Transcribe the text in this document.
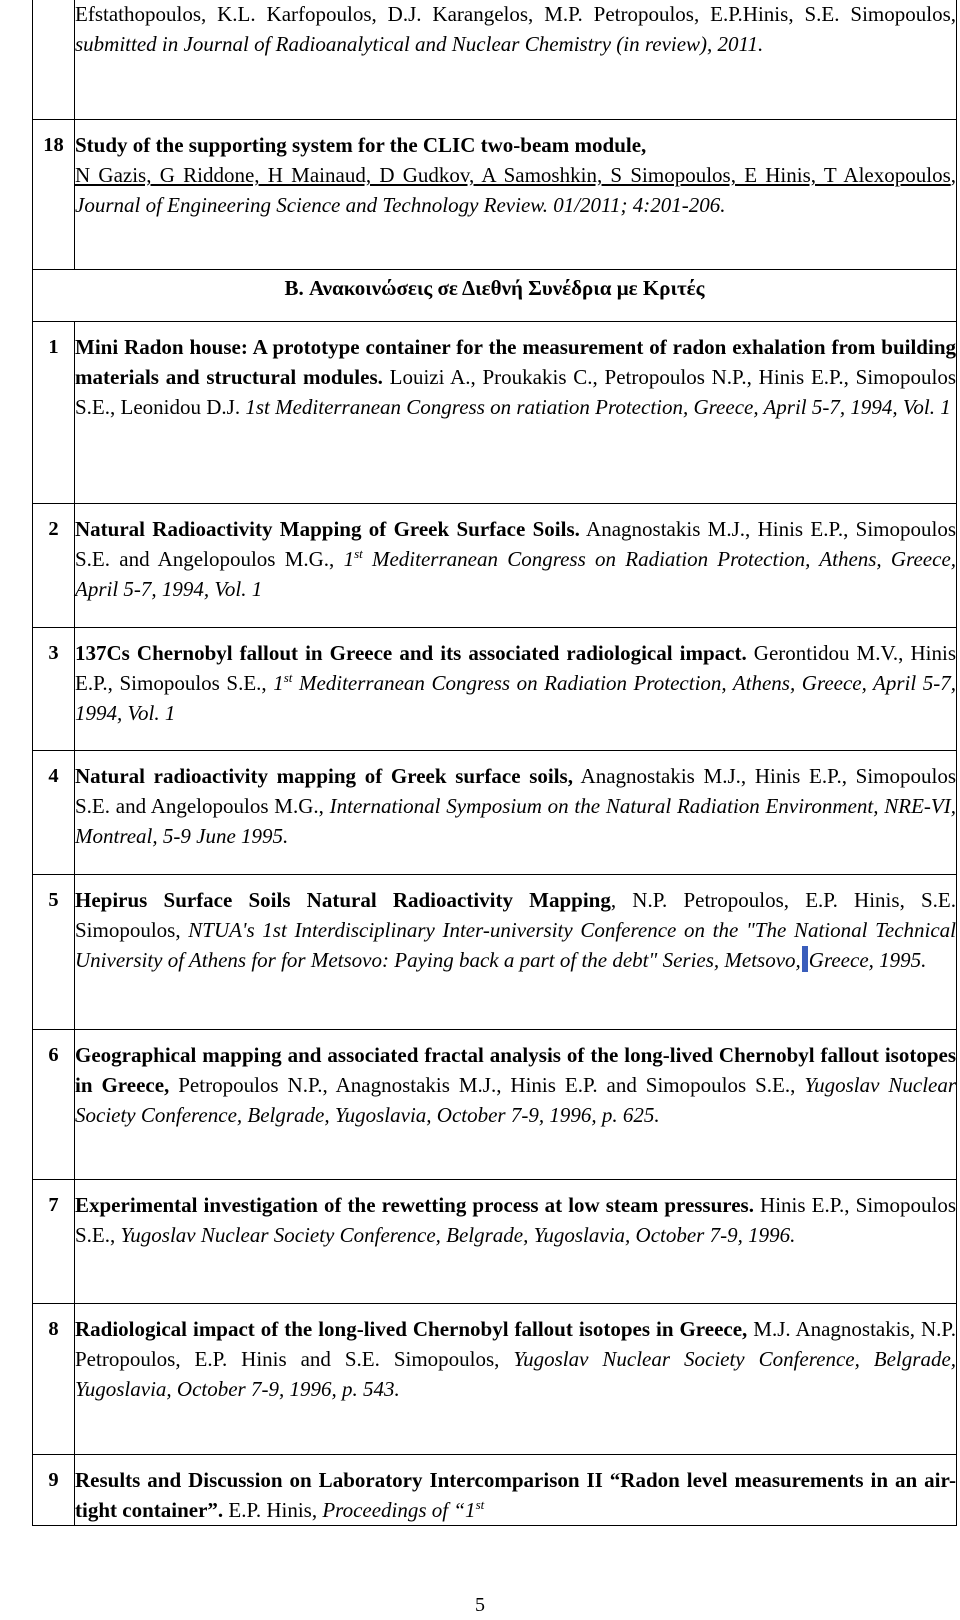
	Efstathopoulos, K.L. Karfopoulos, D.J. Karangelos, M.P. Petropoulos, E.P.Hinis, S.E. Simopoulos, submitted in Journal of Radioanalytical and Nuclear Chemistry (in review), 2011.

18	Study of the supporting system for the CLIC two-beam module,
N Gazis, G Riddone, H Mainaud, D Gudkov, A Samoshkin, S Simopoulos, E Hinis, T Alexopoulos, Journal of Engineering Science and Technology Review. 01/2011; 4:201-206.

B. Ανακοινώσεις σε Διεθνή Συνέδρια με Κριτές	

1	Mini Radon house: A prototype container for the measurement of radon exhalation from building materials and structural modules. Louizi A., Proukakis C., Petropoulos N.P., Hinis E.P., Simopoulos S.E., Leonidou D.J. 1st Mediterranean Congress on ratiation Protection, Greece, April 5-7, 1994, Vol. 1

2	Natural Radioactivity Mapping of Greek Surface Soils. Anagnostakis M.J., Hinis E.P., Simopoulos S.E. and Angelopoulos M.G., 1st Mediterranean Congress on Radiation Protection, Athens, Greece, April 5-7, 1994, Vol. 1

3	137Cs Chernobyl fallout in Greece and its associated radiological impact. Gerontidou M.V., Hinis E.P., Simopoulos S.E., 1st Mediterranean Congress on Radiation Protection, Athens, Greece, April 5-7, 1994, Vol. 1

4	Natural radioactivity mapping of Greek surface soils, Anagnostakis M.J., Hinis E.P., Simopoulos S.E. and Angelopoulos M.G., International Symposium on the Natural Radiation Environment, NRE-VI, Montreal, 5-9 June 1995.

5	Hepirus Surface Soils Natural Radioactivity Mapping, N.P. Petropoulos, E.P. Hinis, S.E. Simopoulos, NTUA's 1st Interdisciplinary Inter-university Conference on the "The National Technical University of Athens for for Metsovo: Paying back a part of the debt" Series, Metsovo, Greece, 1995.

6	Geographical mapping and associated fractal analysis of the long-lived Chernobyl fallout isotopes in Greece, Petropoulos N.P., Anagnostakis M.J., Hinis E.P. and Simopoulos S.E., Yugoslav Nuclear Society Conference, Belgrade, Yugoslavia, October 7-9, 1996, p. 625.

7	Experimental investigation of the rewetting process at low steam pressures. Hinis E.P., Simopoulos S.E., Yugoslav Nuclear Society Conference, Belgrade, Yugoslavia, October 7-9, 1996.

8	Radiological impact of the long-lived Chernobyl fallout isotopes in Greece, M.J. Anagnostakis, N.P. Petropoulos, E.P. Hinis and S.E. Simopoulos, Yugoslav Nuclear Society Conference, Belgrade, Yugoslavia, October 7-9, 1996, p. 543.

9	Results and Discussion on Laboratory Intercomparison II “Radon level measurements in an air-tight container”. E.P. Hinis, Proceedings of “1st
5
